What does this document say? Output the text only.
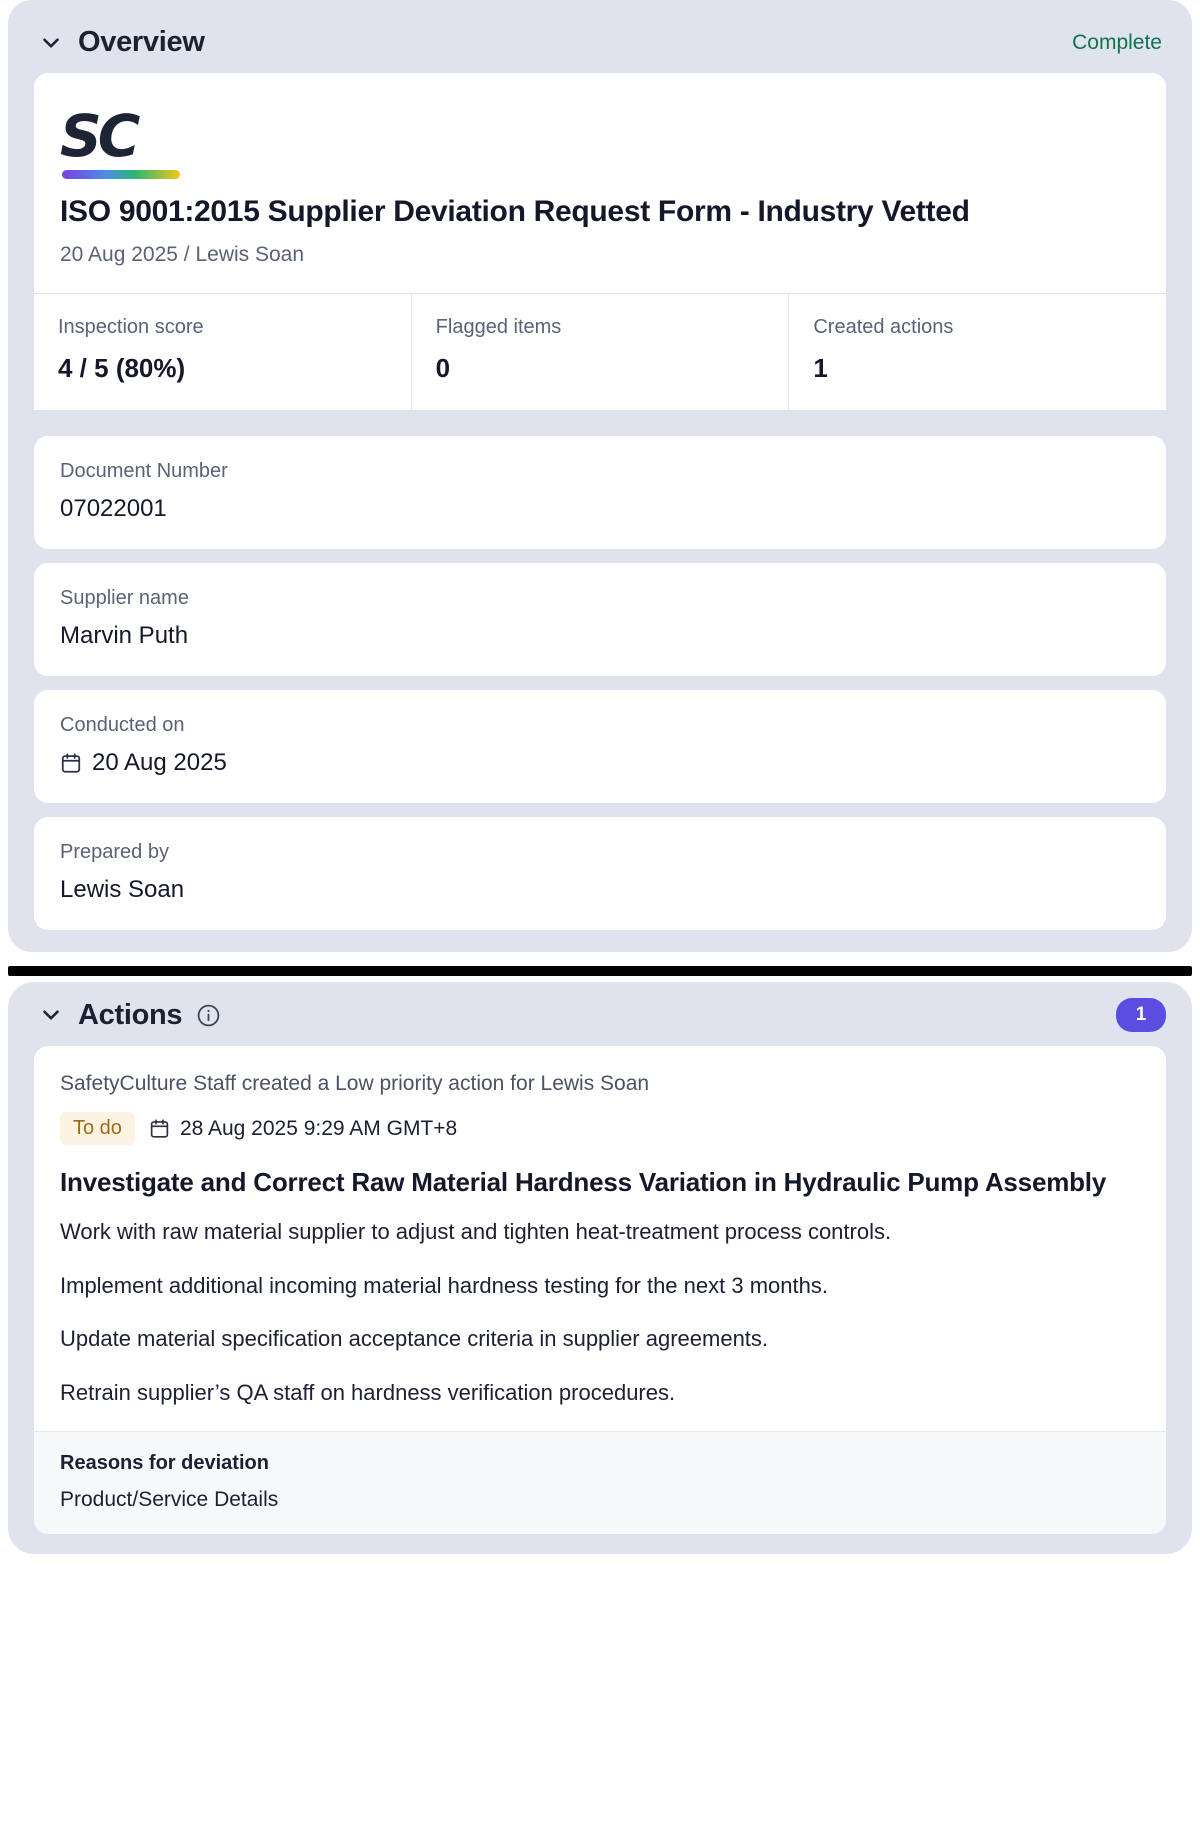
Overview	Complete
SC
ISO 9001:2015 Supplier Deviation Request Form - Industry Vetted
20 Aug 2025 / Lewis Soan
Inspection score
4 / 5 (80%)
Flagged items
0
Created actions
1
Document Number
07022001
Supplier name
Marvin Puth
Conducted on
20 Aug 2025
Prepared by
Lewis Soan
Actions	1
SafetyCulture Staff created a Low priority action for Lewis Soan
To do	28 Aug 2025 9:29 AM GMT+8
Investigate and Correct Raw Material Hardness Variation in Hydraulic Pump Assembly
Work with raw material supplier to adjust and tighten heat-treatment process controls.
Implement additional incoming material hardness testing for the next 3 months.
Update material specification acceptance criteria in supplier agreements.
Retrain supplier’s QA staff on hardness verification procedures.
Reasons for deviation
Product/Service Details
